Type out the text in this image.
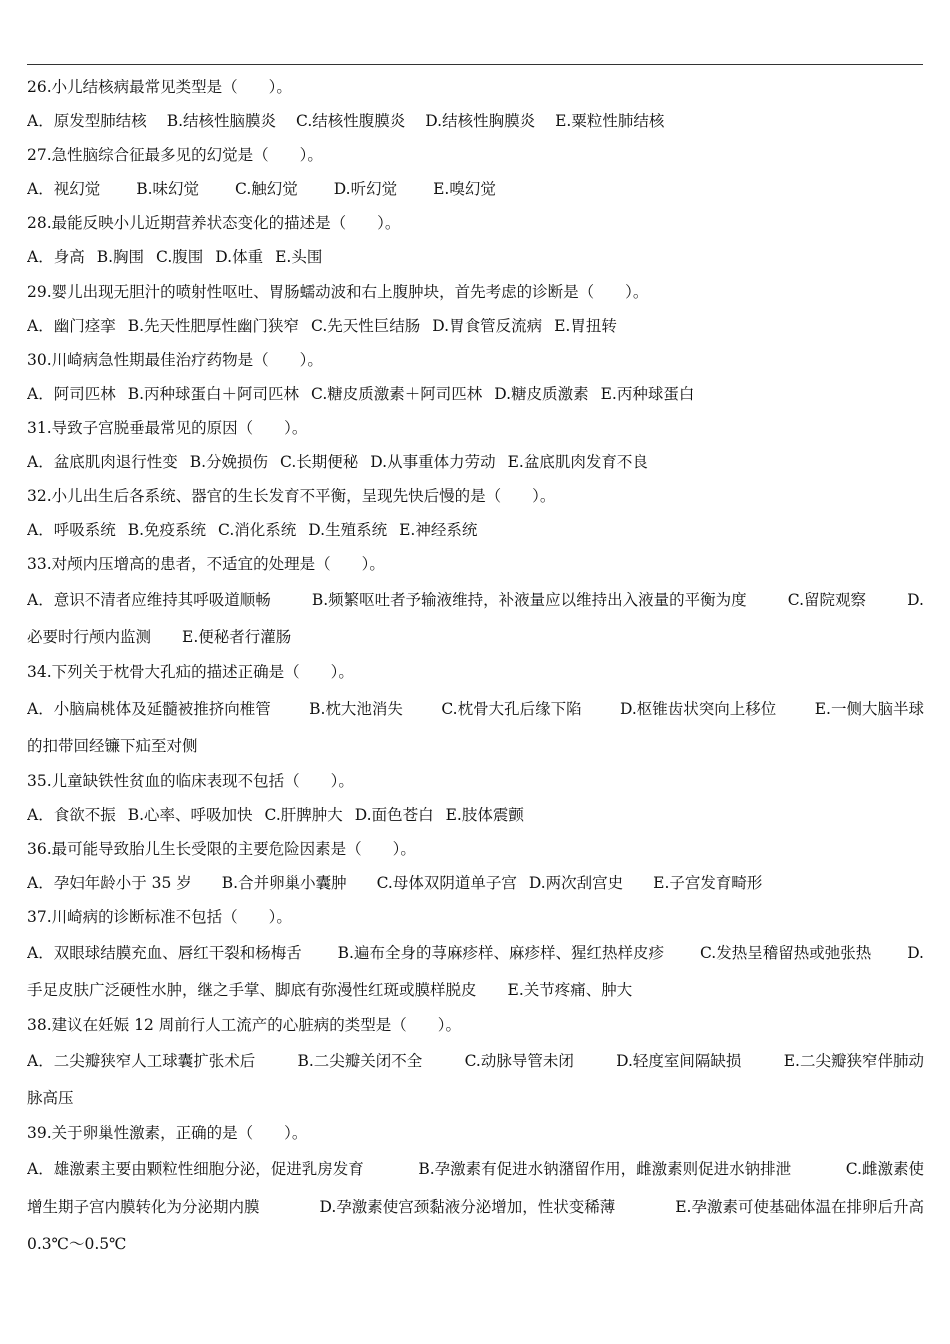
26.小儿结核病最常见类型是（　　）。
A．原发型肺结核 B.结核性脑膜炎 C.结核性腹膜炎 D.结核性胸膜炎 E.粟粒性肺结核
27.急性脑综合征最多见的幻觉是（　　）。
A．视幻觉 B.味幻觉 C.触幻觉 D.听幻觉 E.嗅幻觉
28.最能反映小儿近期营养状态变化的描述是（　　）。
A．身高 B.胸围 C.腹围 D.体重 E.头围
29.婴儿出现无胆汁的喷射性呕吐、胃肠蠕动波和右上腹肿块，首先考虑的诊断是（　　）。
A．幽门痉挛 B.先天性肥厚性幽门狭窄 C.先天性巨结肠 D.胃食管反流病 E.胃扭转
30.川崎病急性期最佳治疗药物是（　　）。
A．阿司匹林 B.丙种球蛋白＋阿司匹林 C.糖皮质激素＋阿司匹林 D.糖皮质激素 E.丙种球蛋白
31.导致子宫脱垂最常见的原因（　　）。
A．盆底肌肉退行性变 B.分娩损伤 C.长期便秘 D.从事重体力劳动 E.盆底肌肉发育不良
32.小儿出生后各系统、器官的生长发育不平衡，呈现先快后慢的是（　　）。
A．呼吸系统 B.免疫系统 C.消化系统 D.生殖系统 E.神经系统
33.对颅内压增高的患者，不适宜的处理是（　　）。
A．意识不清者应维持其呼吸道顺畅	B.频繁呕吐者予输液维持，补液量应以维持出入液量的平衡为度	C.留院观察	D.
必要时行颅内监测　　E.便秘者行灌肠
34.下列关于枕骨大孔疝的描述正确是（　　）。
A．小脑扁桃体及延髓被推挤向椎管 B.枕大池消失 C.枕骨大孔后缘下陷 D.枢锥齿状突向上移位 E.一侧大脑半球
的扣带回经镰下疝至对侧
35.儿童缺铁性贫血的临床表现不包括（　　）。
A．食欲不振 B.心率、呼吸加快 C.肝脾肿大 D.面色苍白 E.肢体震颤
36.最可能导致胎儿生长受限的主要危险因素是（　　）。
A．孕妇年龄小于 35 岁 B.合并卵巢小囊肿 C.母体双阴道单子宫 D.两次刮宫史 E.子宫发育畸形
37.川崎病的诊断标准不包括（　　）。
A．双眼球结膜充血、唇红干裂和杨梅舌 B.遍布全身的荨麻疹样、麻疹样、猩红热样皮疹 C.发热呈稽留热或弛张热 D.
手足皮肤广泛硬性水肿，继之手掌、脚底有弥漫性红斑或膜样脱皮　　E.关节疼痛、肿大
38.建议在妊娠 12 周前行人工流产的心脏病的类型是（　　）。
A．二尖瓣狭窄人工球囊扩张术后	B.二尖瓣关闭不全	C.动脉导管未闭	D.轻度室间隔缺损	E.二尖瓣狭窄伴肺动
脉高压
39.关于卵巢性激素，正确的是（　　）。
A．雄激素主要由颗粒性细胞分泌，促进乳房发育	B.孕激素有促进水钠潴留作用，雌激素则促进水钠排泄	C.雌激素使
增生期子宫内膜转化为分泌期内膜	D.孕激素使宫颈黏液分泌增加，性状变稀薄	E.孕激素可使基础体温在排卵后升高
0.3℃～0.5℃
